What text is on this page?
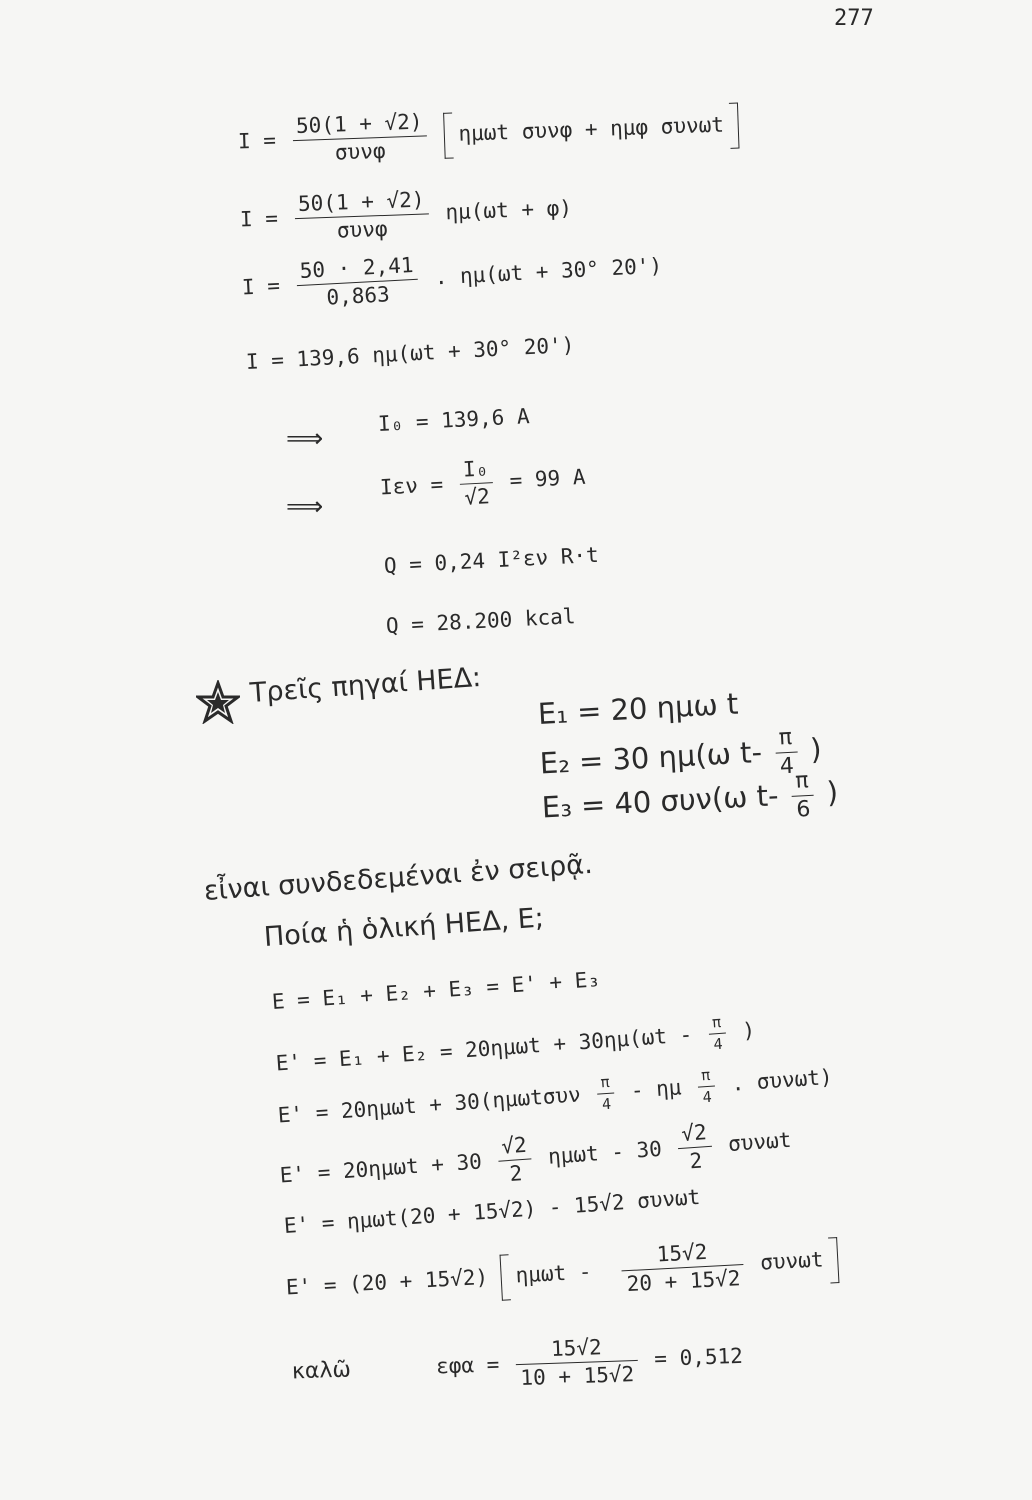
277
$I = \frac{50(1 + √2)}{\text{συνφ}}$ ημωt συνφ + ημφ συνωt
$I = \frac{50(1 + √2)}{\text{συνφ}} \eta\mu(\omega t + \varphi)$
$I = \frac{50 \cdot 2,41}{0,863}$ . ημ(ωt + 30° 20')
I = 139,6 ημ(ωt + 30° 20')
⟹
I₀ = 139,6 A
⟹
$I\varepsilon\nu = \frac{\text{I₀}}{√2} = 99$ A
Q = 0,24 I²εν R·t
Q = 28.200 kcal
Τρεῖς πηγαί ΗΕΔ: E₁ = 20 ημω t
E₂ = 30 ημ(ω $t- \frac{\pi}{4}$ )
E₃ = 40 συν(ω $t- \frac{\pi}{6}$ )
εἶναι συνδεδεμέναι ἐν σειρᾷ.
Ποία ἡ ὁλική ΗΕΔ, E;
E = E₁ + E₂ + E₃ = E' + E₃
$E' = E_1 + E_2 = 20\eta\mu\omega t + 30\eta\mu(\omega t - \frac{\pi}{4}$ )
$E' = 20\eta\mu\omega t + 30(\eta\mu\omega t\sigma\upsilon\nu \frac{\pi}{4} - \eta\mu \frac{\pi}{4}$ . συνωt)
$E' = 20\eta\mu\omega t + 30 \frac{√2}{2}$ ημωt - $30 \frac{√2}{2}$ συνωt
E' = ημωt(20 + 15√2) - 15√2 συνωt
E' = (20 + 15√2) ημωt - $\frac{15√2}{20 + 15√2}$ συνωt
καλῶ	$\varepsilon\varphi\alpha = \frac{15√2}{10 + 15√2} = 0,512$
